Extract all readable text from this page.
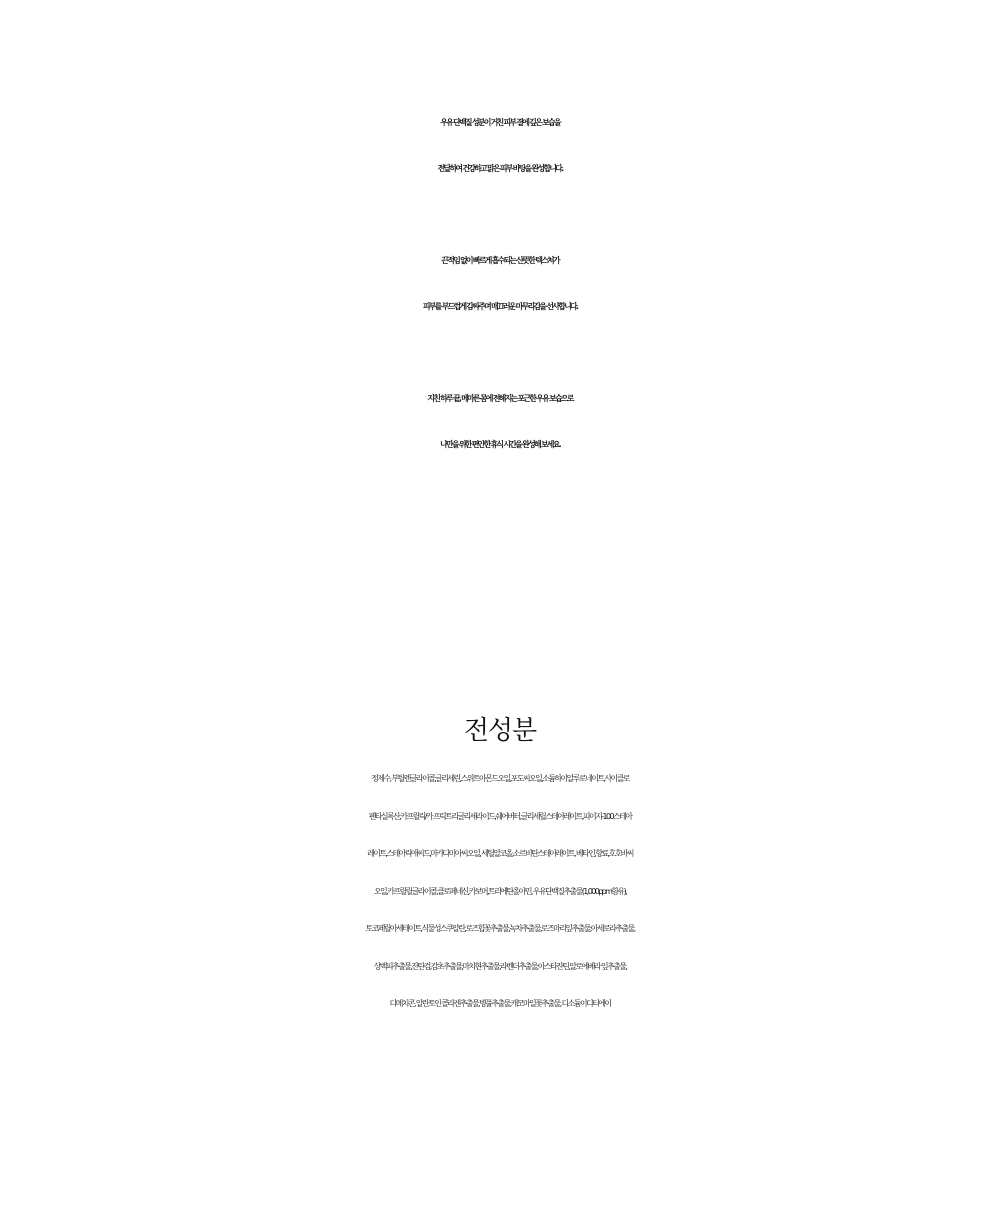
우유 단백질 성분이 거친 피부 결에 깊은 보습을
전달하여 건강하고 맑은 피부 바탕을 완성합니다.
끈적임 없이 빠르게 흡수되는 산뜻한 텍스처가
피부를 부드럽게 감싸주며 매끄러운 마무리감을 선사합니다.
지친 하루 끝, 메마른 몸에 전해지는 포근한 우유 보습으로
나만을 위한 편안한 휴식 시간을 완성해 보세요.
전성분
정제수, 부틸렌글라이콜,글리세린,스위트아몬드오일,포도씨오일,소듐하이알루로네이트,사이클로
펜타실록산,카프릴릭/카 프릭트리글리세라이드,쉐어버터,글리세릴스테아레이트,피이지-100스테아
레이트,스테아릭애씨드,마카다미아씨오일, 세틸알코올,소르비탄스테아레이트, 베타인,향료,호호바씨
오일,카프릴릴글라이콜,클로페네신,카보머,트리에탄올아민, 우유단백질추출물(1,000ppm함유),
토코페릴아세테이트,식물성스쿠알란,로즈힙꽃추출물,녹차추출물,로즈마리잎추출물,아세로라추출물,
상백피추출물,잔탄검,감초추출물,마치현추출물,라벤더추출물,아스타잔틴,알로에베라 잎추출물,
디메치콘, 알란토인 콜라겐추출물,병풀추출물,캐모마일꽃추출물, 디소듐이디티에이
